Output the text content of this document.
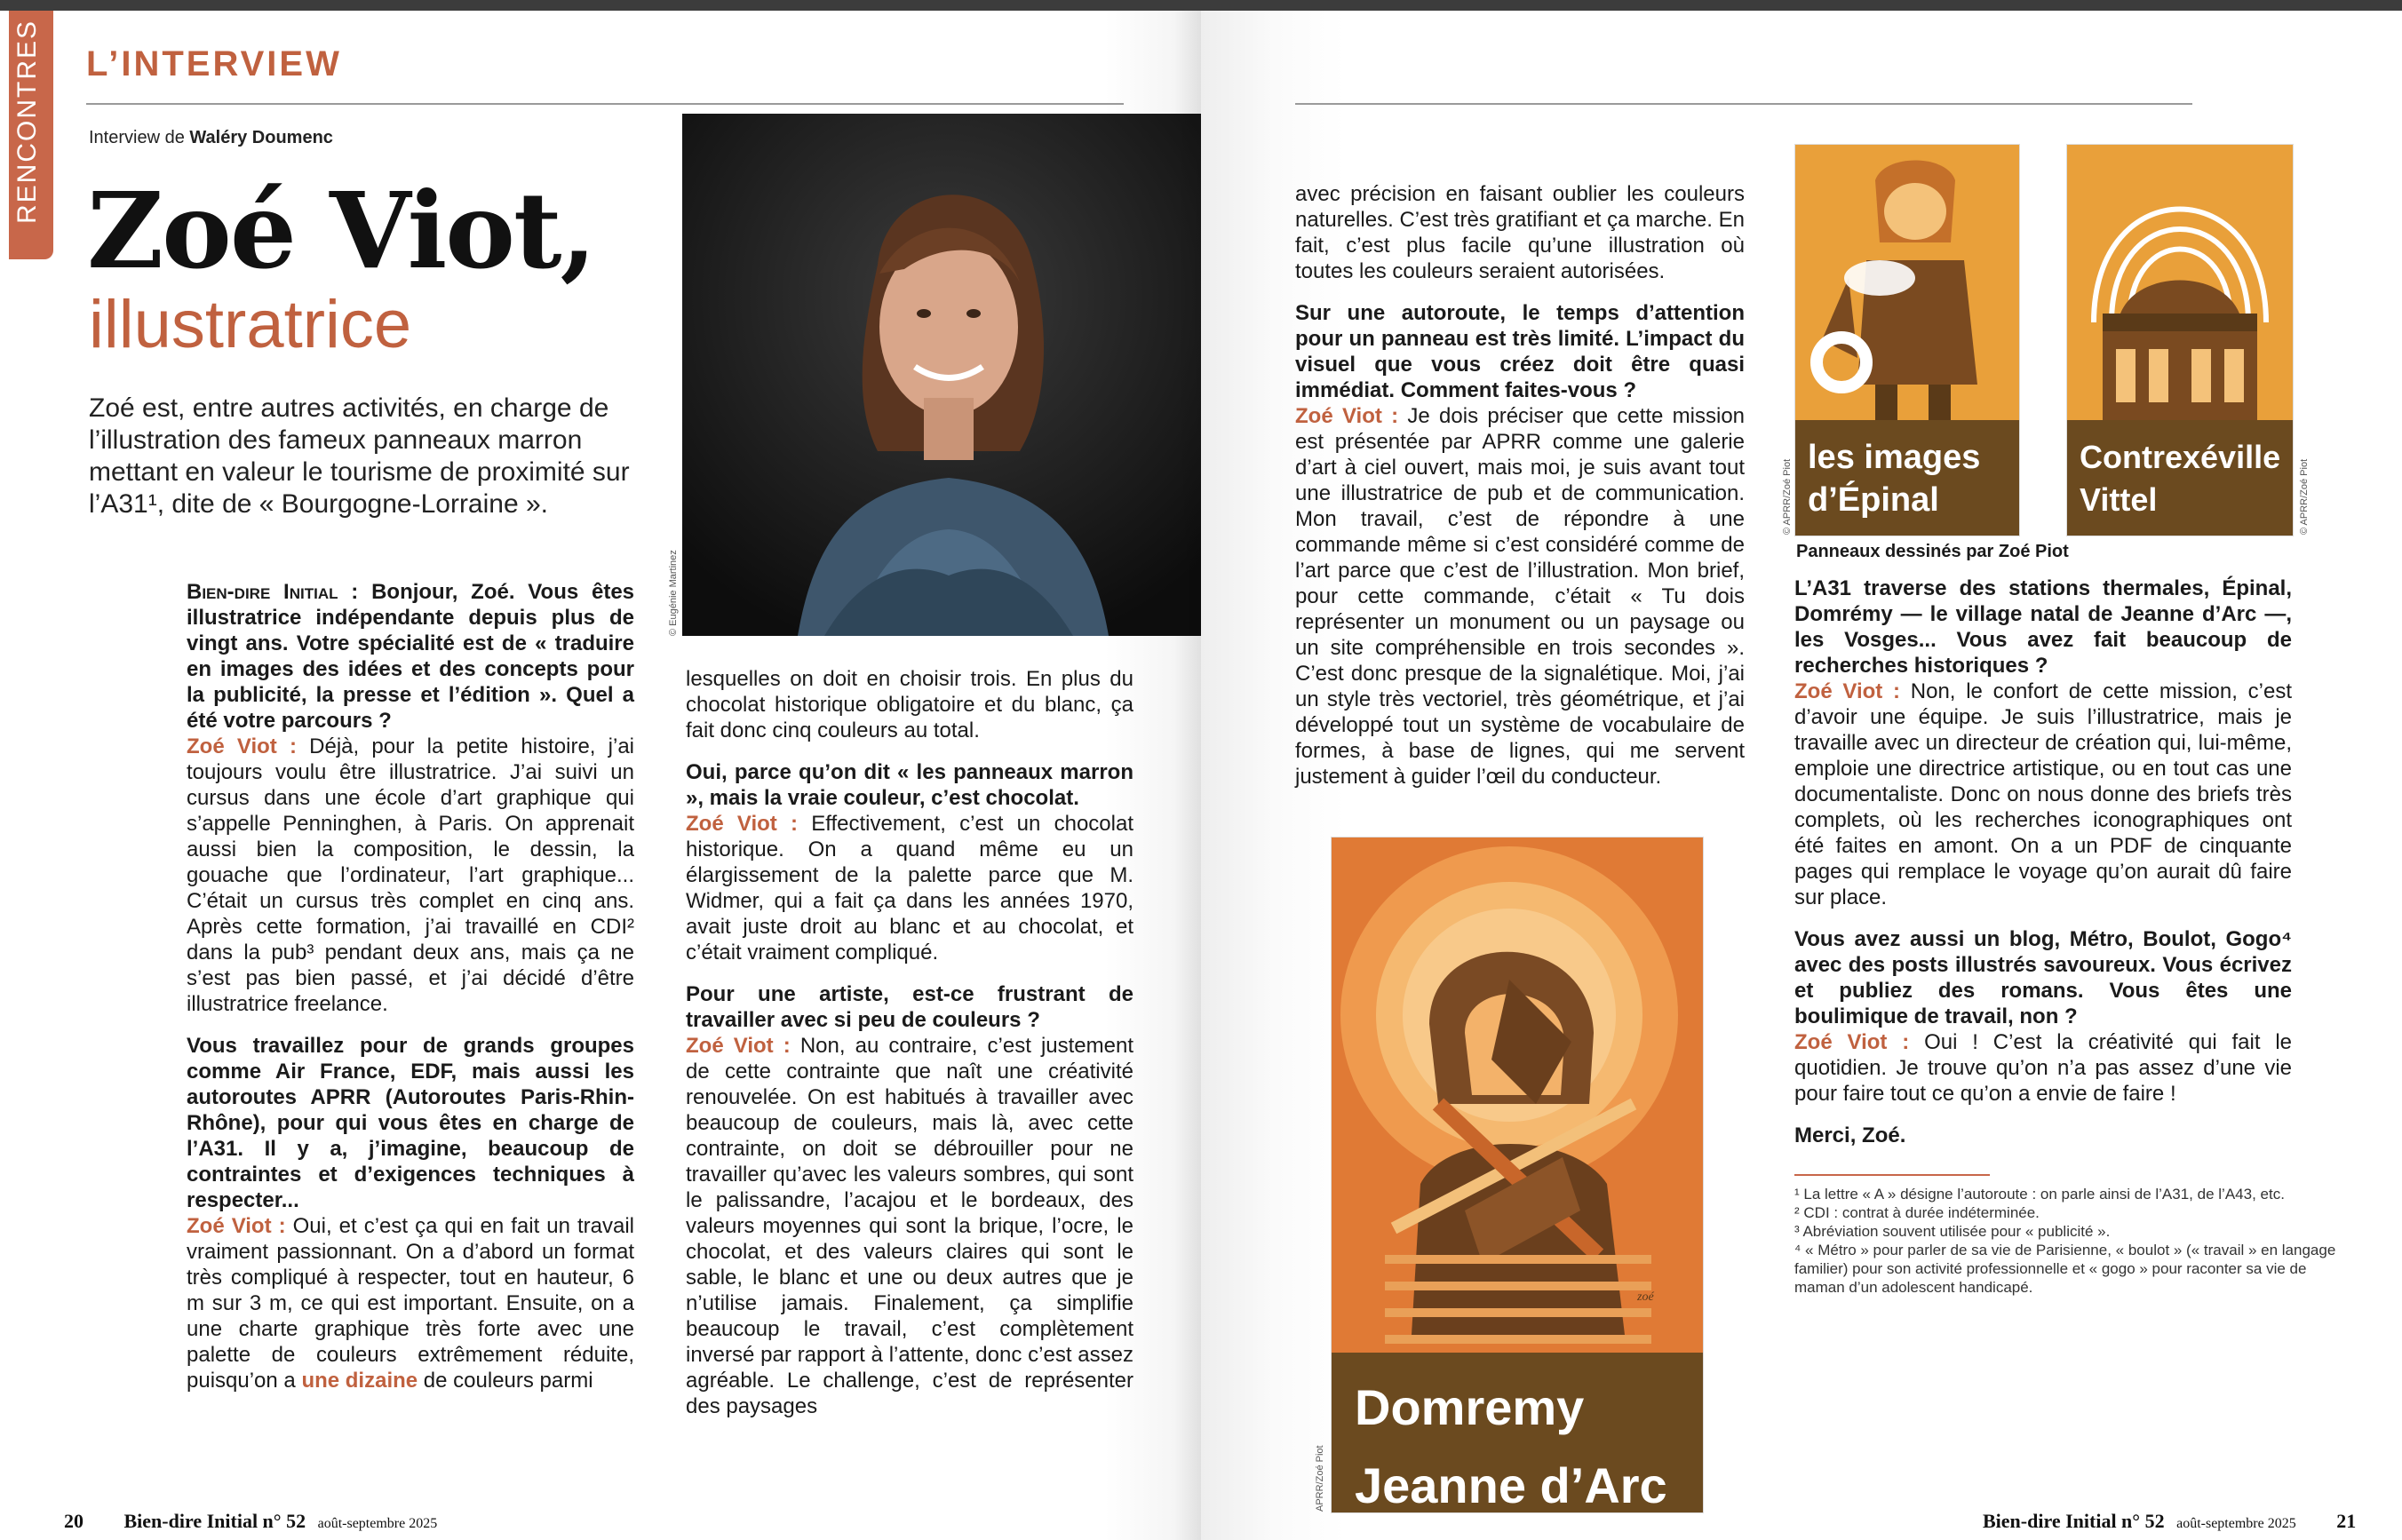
RENCONTRES L’INTERVIEW
Interview de Waléry Doumenc
Zoé Viot,
illustratrice
Zoé est, entre autres activités, en charge de l’illustration des fameux panneaux marron mettant en valeur le tourisme de proximité sur l’A31¹, dite de « Bourgogne-Lorraine ».
© Eugénie Martinez

Bien-dire Initial : Bonjour, Zoé. Vous êtes illustratrice indépendante depuis plus de vingt ans. Votre spécialité est de « traduire en images des idées et des concepts pour la publicité, la presse et l’édition ». Quel a été votre parcours ?
Zoé Viot : Déjà, pour la petite histoire, j’ai toujours voulu être illustratrice. J’ai suivi un cursus dans une école d’art graphique qui s’appelle Penninghen, à Paris. On apprenait aussi bien la composition, le dessin, la gouache que l’ordinateur, l’art graphique... C’était un cursus très complet en cinq ans. Après cette formation, j’ai travaillé en CDI² dans la pub³ pendant deux ans, mais ça ne s’est pas bien passé, et j’ai décidé d’être illustratrice freelance.

Vous travaillez pour de grands groupes comme Air France, EDF, mais aussi les autoroutes APRR (Autoroutes Paris-Rhin-Rhône), pour qui vous êtes en charge de l’A31. Il y a, j’imagine, beaucoup de contraintes et d’exigences techniques à respecter...
Zoé Viot : Oui, et c’est ça qui en fait un travail vraiment passionnant. On a d’abord un format très compliqué à respecter, tout en hauteur, 6 m sur 3 m, ce qui est important. Ensuite, on a une charte graphique très forte avec une palette de couleurs extrêmement réduite, puisqu’on a une dizaine de couleurs parmi

lesquelles on doit en choisir trois. En plus du chocolat historique obligatoire et du blanc, ça fait donc cinq couleurs au total.

Oui, parce qu’on dit « les panneaux marron », mais la vraie couleur, c’est chocolat.
Zoé Viot : Effectivement, c’est un chocolat historique. On a quand même eu un élargissement de la palette parce que M. Widmer, qui a fait ça dans les années 1970, avait juste droit au blanc et au chocolat, et c’était vraiment compliqué.

Pour une artiste, est-ce frustrant de travailler avec si peu de couleurs ?
Zoé Viot : Non, au contraire, c’est justement de cette contrainte que naît une créativité renouvelée. On est habitués à travailler avec beaucoup de couleurs, mais là, avec cette contrainte, on doit se débrouiller pour ne travailler qu’avec les valeurs sombres, qui sont le palissandre, l’acajou et le bordeaux, des valeurs moyennes qui sont la brique, l’ocre, le chocolat, et des valeurs claires qui sont le sable, le blanc et une ou deux autres que je n’utilise jamais. Finalement, ça simplifie beaucoup le travail, c’est complètement inversé par rapport à l’attente, donc c’est assez agréable. Le challenge, c’est de représenter des paysages

20 Bien-dire Initial n° 52 août-septembre 2025

avec précision en faisant oublier les couleurs naturelles. C’est très gratifiant et ça marche. En fait, c’est plus facile qu’une illustration où toutes les couleurs seraient autorisées.

Sur une autoroute, le temps d’attention pour un panneau est très limité. L’impact du visuel que vous créez doit être quasi immédiat. Comment faites-vous ?
Zoé Viot : Je dois préciser que cette mission est présentée par APRR comme une galerie d’art à ciel ouvert, mais moi, je suis avant tout une illustratrice de pub et de communication. Mon travail, c’est de répondre à une commande même si c’est considéré comme de l’art parce que c’est de l’illustration. Mon brief, pour cette commande, c’était « Tu dois représenter un monument ou un paysage ou un site compréhensible en trois secondes ». C’est donc presque de la signalétique. Moi, j’ai un style très vectoriel, très géométrique, et j’ai développé tout un système de vocabulaire de formes, à base de lignes, qui me servent justement à guider l’œil du conducteur.

Domremy
Jeanne d’Arc
zoé
APRR/Zoé Piot
les images
d’Épinal
© APRR/Zoé Piot
Contrexéville
Vittel	© APRR/Zoé Piot
Panneaux dessinés par Zoé Piot

L’A31 traverse des stations thermales, Épinal, Domrémy — le village natal de Jeanne d’Arc —, les Vosges... Vous avez fait beaucoup de recherches historiques ?
Zoé Viot : Non, le confort de cette mission, c’est d’avoir une équipe. Je suis l’illustratrice, mais je travaille avec un directeur de création qui, lui-même, emploie une directrice artistique, ou en tout cas une documentaliste. Donc on nous donne des briefs très complets, où les recherches iconographiques ont été faites en amont. On a un PDF de cinquante pages qui remplace le voyage qu’on aurait dû faire sur place.

Vous avez aussi un blog, Métro, Boulot, Gogo⁴ avec des posts illustrés savoureux. Vous écrivez et publiez des romans. Vous êtes une boulimique de travail, non ?
Zoé Viot : Oui ! C’est la créativité qui fait le quotidien. Je trouve qu’on n’a pas assez d’une vie pour faire tout ce qu’on a envie de faire !

Merci, Zoé.

¹ La lettre « A » désigne l’autoroute : on parle ainsi de l’A31, de l’A43, etc.

² CDI : contrat à durée indéterminée.

³ Abréviation souvent utilisée pour « publicité ».

⁴ « Métro » pour parler de sa vie de Parisienne, « boulot » (« travail » en langage familier) pour son activité professionnelle et « gogo » pour raconter sa vie de maman d’un adolescent handicapé.

Bien-dire Initial n° 52 août-septembre 2025 21
